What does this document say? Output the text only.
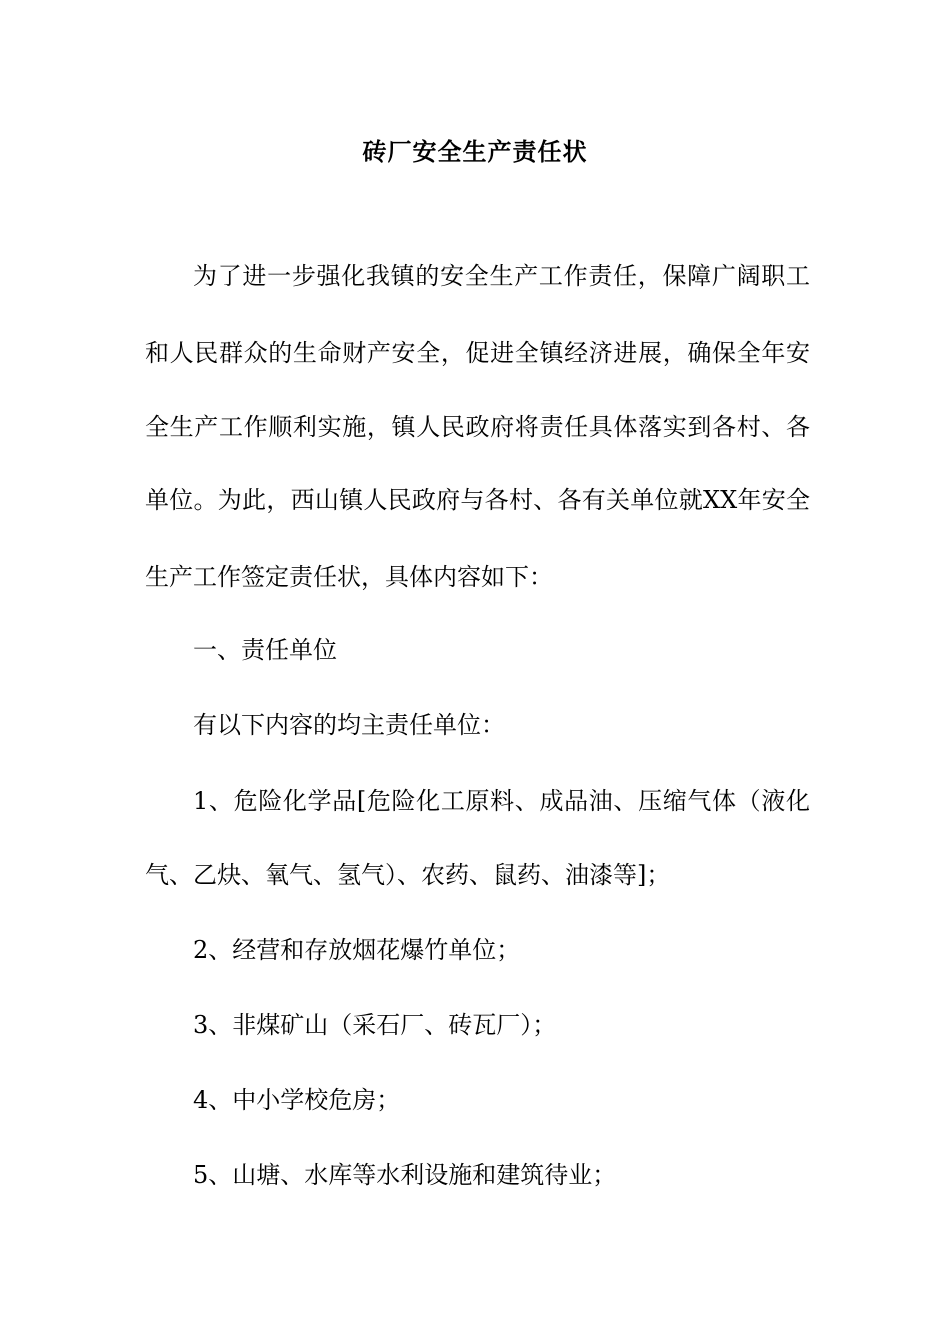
砖厂安全生产责任状
为了进一步强化我镇的安全生产工作责任，保障广阔职工
和人民群众的生命财产安全，促进全镇经济进展，确保全年安
全生产工作顺利实施，镇人民政府将责任具体落实到各村、各
单位。为此，西山镇人民政府与各村、各有关单位就XX年安全
生产工作签定责任状，具体内容如下：
一、责任单位
有以下内容的均主责任单位：
1、危险化学品[危险化工原料、成品油、压缩气体（液化
气、乙炔、氧气、氢气）、农药、鼠药、油漆等]；
2、经营和存放烟花爆竹单位；
3、非煤矿山（采石厂、砖瓦厂）；
4、中小学校危房；
5、山塘、水库等水利设施和建筑待业；
